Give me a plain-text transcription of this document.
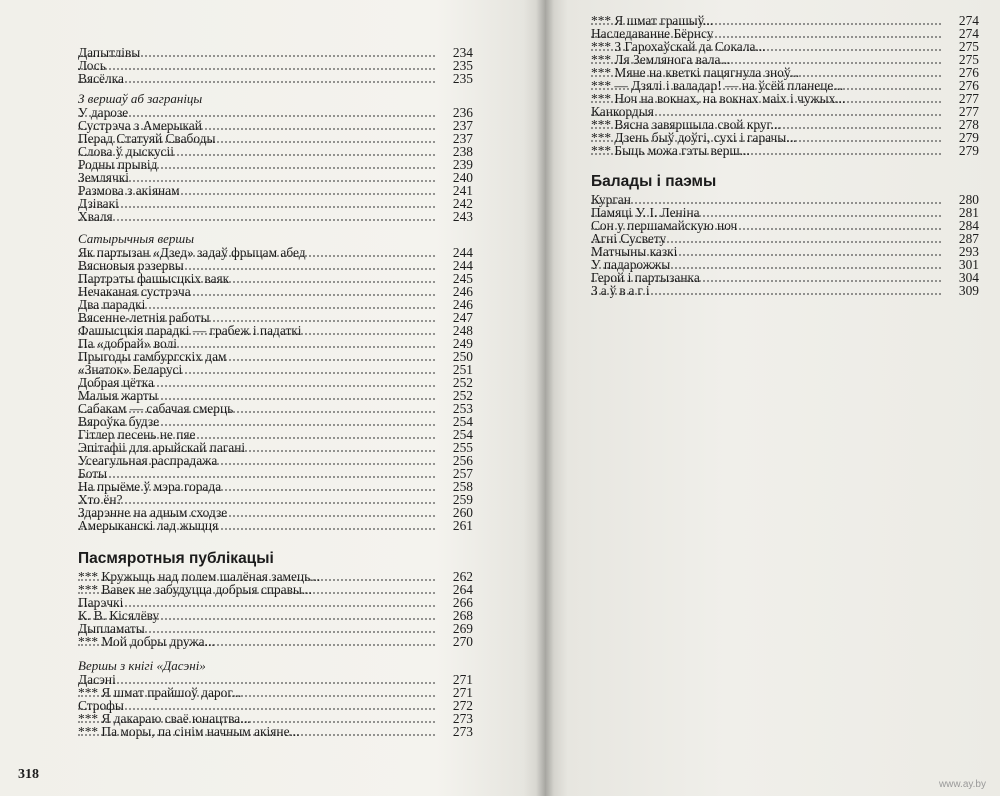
Дапытлівы	234
Лось	235
Вясёлка	235
З вершаў аб заграніцы
У дарозе	236
Сустрэча з Амерыкай	237
Перад Статуяй Свабоды	237
Слова ў дыскусіі	238
Родны прывід	239
Землячкі	240
Размова з акіянам	241
Дзівакі	242
Хваля	243
Сатырычныя вершы
Як партызан «Дзед» задаў фрыцам абед	244
Вясновыя рэзервы	244
Партрэты фашысцкіх ваяк	245
Нечаканая сустрэча	246
Два парадкі	246
Вясенне-летнія работы	247
Фашысцкія парадкі — грабеж і падаткі	248
Па «добрай» волі	249
Прыгоды гамбургскіх дам	250
«Знаток» Беларусі	251
Добрая цётка	252
Малыя жарты	252
Сабакам — сабачая смерць	253
Вяроўка будзе	254
Гітлер песень не пяе	254
Эпітафіі для арыйскай пагані	255
Усеагульная распрадажа	256
Боты	257
На прыёме ў мэра горада	258
Хто ён?	259
Здарэнне на адным сходзе	260
Амерыканскі лад жыцця	261
Пасмяротныя публікацыі
*** Кружыць над полем шалёная замець...	262
*** Вавек не забудуцца добрыя справы...	264
Парэчкі	266
К. В. Кісялёву	268
Дыпламаты	269
*** Мой добры дружа...	270
Вершы з кнігі «Дасэні»
Дасэні	271
*** Я шмат прайшоў дарог...	271
Строфы	272
*** Я дакараю сваё юнацтва...	273
*** Па моры, па сінім начным акіяне...	273
318
*** Я шмат грашыў...	274
Наследаванне Бёрнсу	274
*** З Гарохаўскай да Сокала...	275
*** Ля Землянога вала...	275
*** Мяне на кветкі пацягнула зноў...	276
*** — Дзялі і валадар! — на ўсёй планеце...	276
*** Ноч на вокнах, на вокнах маіх і чужых...	277
Канкордыя	277
*** Вясна завяршыла свой круг...	278
*** Дзень быў доўгі, сухі і гарачы...	279
*** Быць можа гэты верш...	279
Балады і паэмы
Курган	280
Памяці У. І. Леніна	281
Сон у першамайскую ноч	284
Агні Сусвету	287
Матчыны казкі	293
У падарожжы	301
Герой і партызанка	304
Заўвагі	309
www.ay.by
